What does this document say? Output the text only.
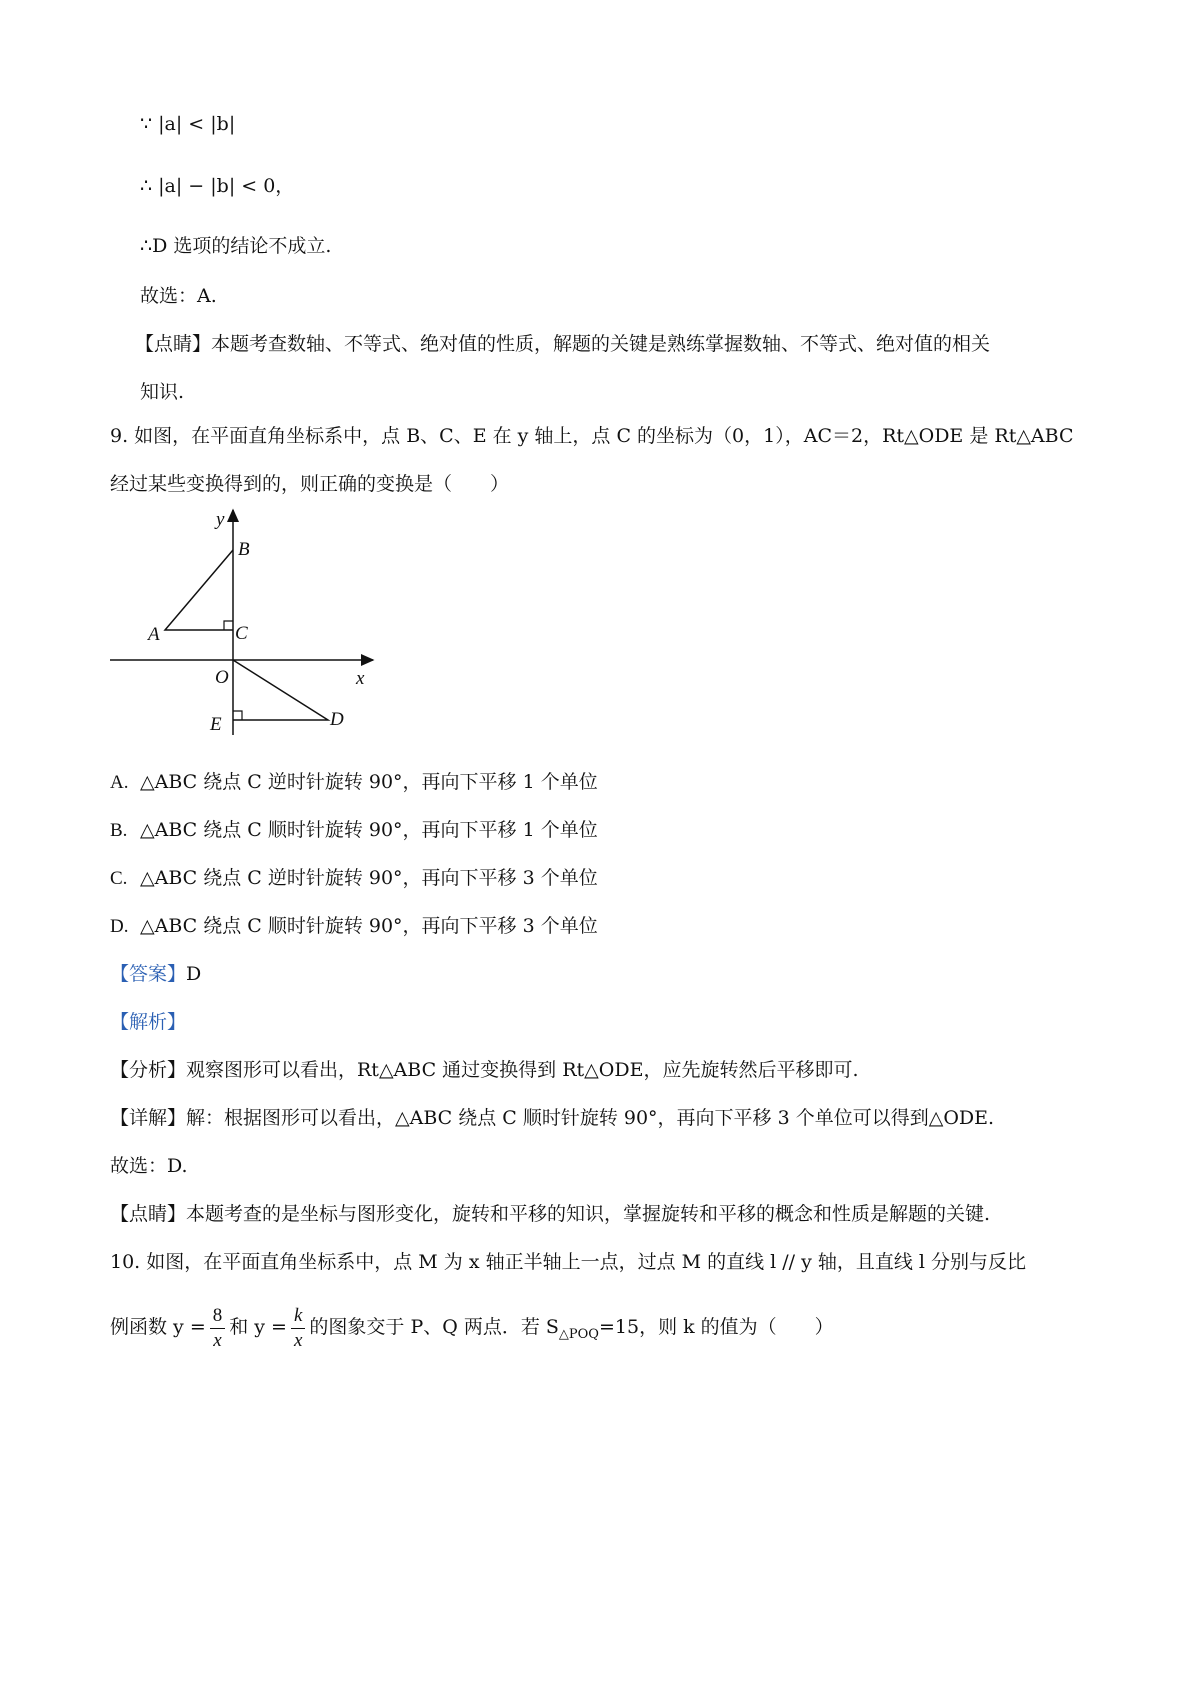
∵ |a| < |b|
∴ |a| − |b| < 0，
∴D 选项的结论不成立.
故选：A.
【点睛】本题考查数轴、不等式、绝对值的性质，解题的关键是熟练掌握数轴、不等式、绝对值的相关
知识.
9. 如图，在平面直角坐标系中，点 B、C、E 在 y 轴上，点 C 的坐标为（0，1），AC＝2，Rt△ODE 是 Rt△ABC
经过某些变换得到的，则正确的变换是（　　）
y
B
A	C
O	x
E	D
A. △ABC 绕点 C 逆时针旋转 90°，再向下平移 1 个单位
B. △ABC 绕点 C 顺时针旋转 90°，再向下平移 1 个单位
C. △ABC 绕点 C 逆时针旋转 90°，再向下平移 3 个单位
D. △ABC 绕点 C 顺时针旋转 90°，再向下平移 3 个单位
【答案】D
【解析】
【分析】观察图形可以看出，Rt△ABC 通过变换得到 Rt△ODE，应先旋转然后平移即可.
【详解】解：根据图形可以看出，△ABC 绕点 C 顺时针旋转 90°，再向下平移 3 个单位可以得到△ODE.
故选：D.
【点睛】本题考查的是坐标与图形变化，旋转和平移的知识，掌握旋转和平移的概念和性质是解题的关键.
10. 如图，在平面直角坐标系中，点 M 为 x 轴正半轴上一点，过点 M 的直线 l // y 轴，且直线 l 分别与反比
例函数 $y = \frac{8}{x}$ 和 $y = \frac{k}{x}$ 的图象交于 P、Q 两点．若 $S_{\triangle POQ}=15$，则 k 的值为（　　）
